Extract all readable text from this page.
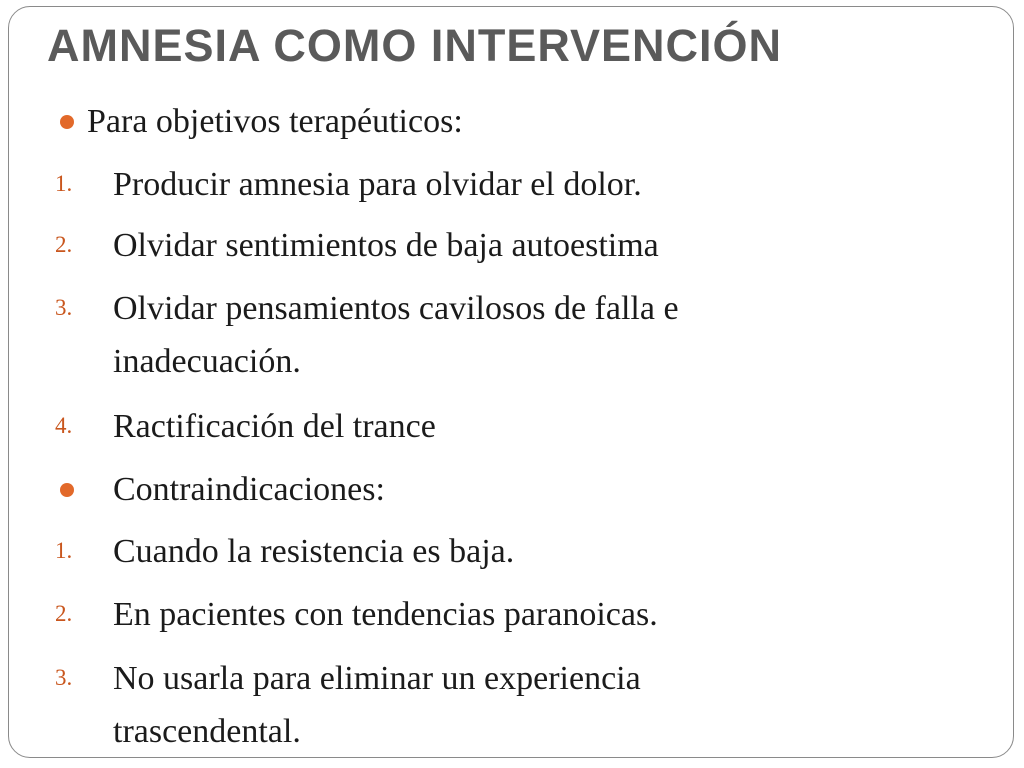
AMNESIA COMO INTERVENCIÓN
Para objetivos terapéuticos:
1.	Producir amnesia para olvidar el dolor.
2.	Olvidar sentimientos de baja autoestima
3.	Olvidar pensamientos cavilosos de falla e inadecuación.
4.	Ractificación del trance
Contraindicaciones:
1.	Cuando la resistencia es baja.
2.	En pacientes con tendencias paranoicas.
3.	No usarla para eliminar un experiencia trascendental.
